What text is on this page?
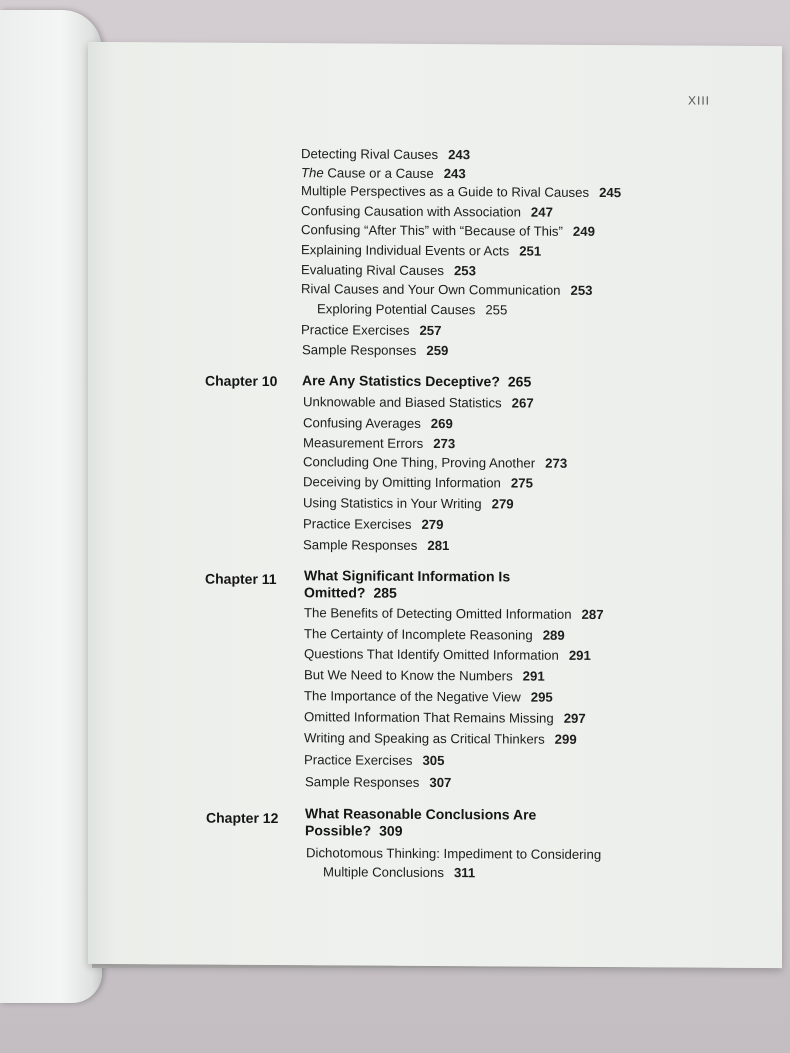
XIII
Detecting Rival Causes 243
The Cause or a Cause 243
Multiple Perspectives as a Guide to Rival Causes 245
Confusing Causation with Association 247
Confusing “After This” with “Because of This” 249
Explaining Individual Events or Acts 251
Evaluating Rival Causes 253
Rival Causes and Your Own Communication 253
Exploring Potential Causes 255
Practice Exercises 257
Sample Responses 259
Chapter 10 Are Any Statistics Deceptive? 265
Unknowable and Biased Statistics 267
Confusing Averages 269
Measurement Errors 273
Concluding One Thing, Proving Another 273
Deceiving by Omitting Information 275
Using Statistics in Your Writing 279
Practice Exercises 279
Sample Responses 281
Chapter 11 What Significant Information Is
Omitted? 285
The Benefits of Detecting Omitted Information 287
The Certainty of Incomplete Reasoning 289
Questions That Identify Omitted Information 291
But We Need to Know the Numbers 291
The Importance of the Negative View 295
Omitted Information That Remains Missing 297
Writing and Speaking as Critical Thinkers 299
Practice Exercises 305
Sample Responses 307
Chapter 12 What Reasonable Conclusions Are
Possible? 309
Dichotomous Thinking: Impediment to Considering
Multiple Conclusions 311
